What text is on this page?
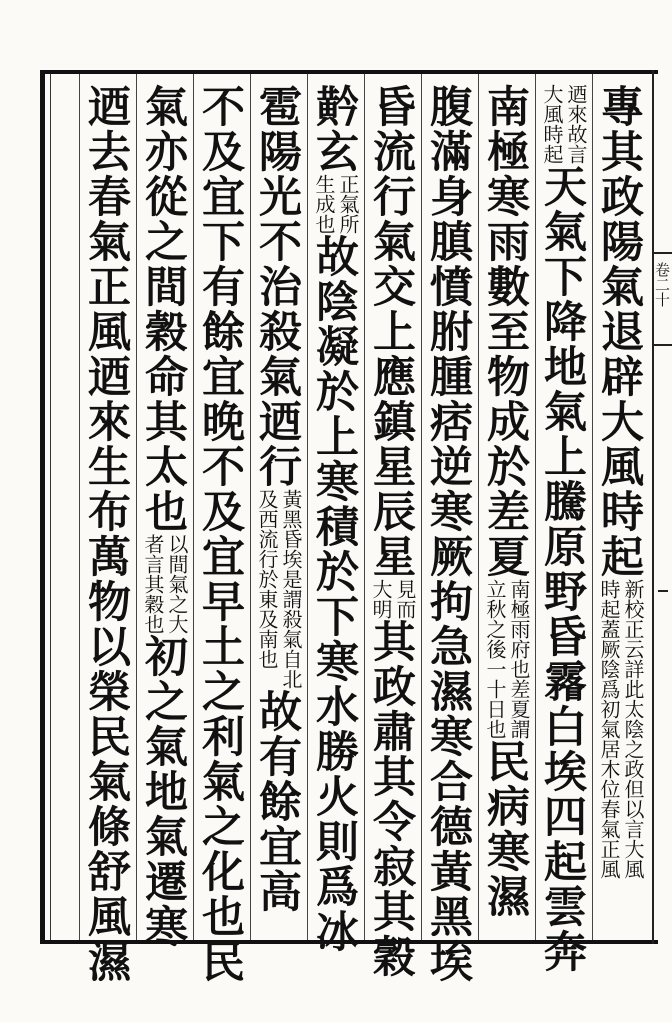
卷二十
專其政陽氣退辟大風時起
新校正云詳此太陰之政但以言大風
時起蓋厥陰爲初氣居木位春氣正風
迺來故言
大風時起
天氣下降地氣上騰原野昏霿白埃四起雲奔
南極寒雨數至物成於差夏
南極雨府也差夏謂
立秋之後一十日也
民病寒濕
腹滿身䐜憤胕腫痞逆寒厥拘急濕寒合德黃黑埃
昏流行氣交上應鎮星辰星
見而
大明
其政肅其令寂其穀
黅玄
正氣所
生成也
故陰凝於上寒積於下寒水勝火則爲冰
雹陽光不治殺氣迺行
黃黑昏埃是謂殺氣自北
及西流行於東及南也
故有餘宜高
不及宜下有餘宜晚不及宜早土之利氣之化也民
氣亦從之間穀命其太也
以間氣之大
者言其穀也
初之氣地氣遷寒
迺去春氣正風迺來生布萬物以榮民氣條舒風濕
